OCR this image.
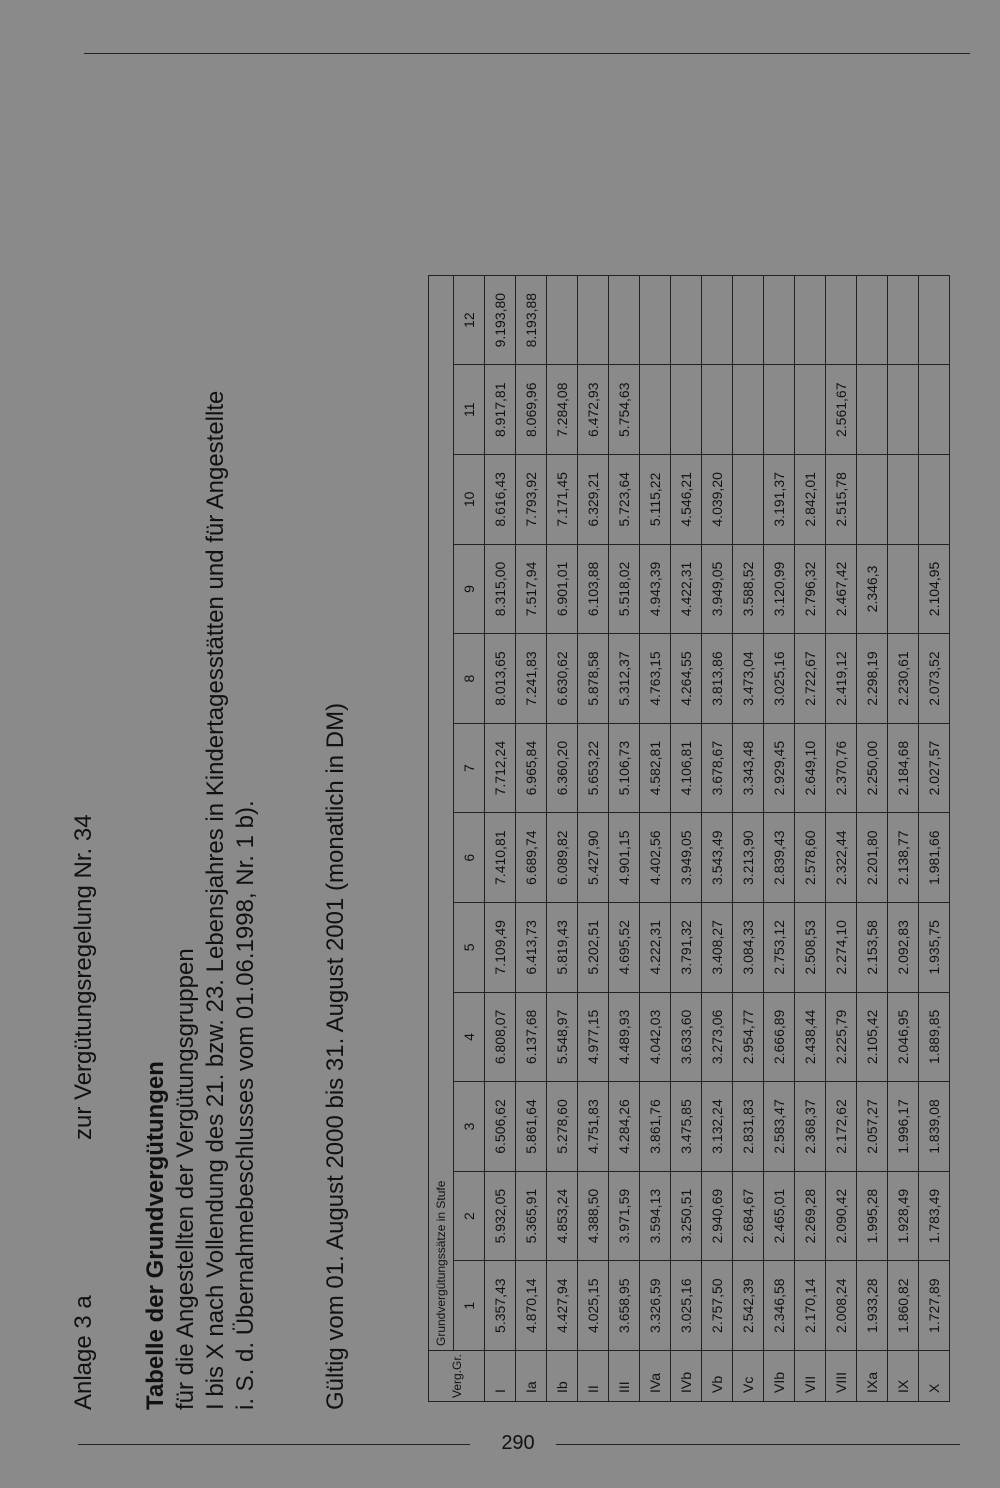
Anlage 3 azur Vergütungsregelung Nr. 34
Tabelle der Grundvergütungen für die Angestellten der Vergütungsgruppen I bis X nach Vollendung des 21. bzw. 23. Lebensjahres in Kindertagesstätten und für Angestellte i. S. d. Übernahmebeschlusses vom 01.06.1998, Nr. 1 b).	Gültig vom 01. August 2000 bis 31. August 2001 (monatlich in DM)	Verg.Gr.	Grundvergütungssätze in Stufe											
	1	2	3	4	5	6	7	8	9	10	11	12
I	5.357,43	5.932,05	6.506,62	6.808,07	7.109,49	7.410,81	7.712,24	8.013,65	8.315,00	8.616,43	8.917,81	9.193,80
Ia	4.870,14	5.365,91	5.861,64	6.137,68	6.413,73	6.689,74	6.965,84	7.241,83	7.517,94	7.793,92	8.069,96	8.193,88
Ib	4.427,94	4.853,24	5.278,60	5.548,97	5.819,43	6.089,82	6.360,20	6.630,62	6.901,01	7.171,45	7.284,08	
II	4.025,15	4.388,50	4.751,83	4.977,15	5.202,51	5.427,90	5.653,22	5.878,58	6.103,88	6.329,21	6.472,93	
III	3.658,95	3.971,59	4.284,26	4.489,93	4.695,52	4.901,15	5.106,73	5.312,37	5.518,02	5.723,64	5.754,63	
IVa	3.326,59	3.594,13	3.861,76	4.042,03	4.222,31	4.402,56	4.582,81	4.763,15	4.943,39	5.115,22		
IVb	3.025,16	3.250,51	3.475,85	3.633,60	3.791,32	3.949,05	4.106,81	4.264,55	4.422,31	4.546,21		
Vb	2.757,50	2.940,69	3.132,24	3.273,06	3.408,27	3.543,49	3.678,67	3.813,86	3.949,05	4.039,20		
Vc	2.542,39	2.684,67	2.831,83	2.954,77	3.084,33	3.213,90	3.343,48	3.473,04	3.588,52			
VIb	2.346,58	2.465,01	2.583,47	2.666,89	2.753,12	2.839,43	2.929,45	3.025,16	3.120,99	3.191,37		
VII	2.170,14	2.269,28	2.368,37	2.438,44	2.508,53	2.578,60	2.649,10	2.722,67	2.796,32	2.842,01		
VIII	2.008,24	2.090,42	2.172,62	2.225,79	2.274,10	2.322,44	2.370,76	2.419,12	2.467,42	2.515,78	2.561,67	
IXa	1.933,28	1.995,28	2.057,27	2.105,42	2.153,58	2.201,80	2.250,00	2.298,19	2.346,3			
IX	1.860,82	1.928,49	1.996,17	2.046,95	2.092,83	2.138,77	2.184,68	2.230,61				
X	1.727,89	1.783,49	1.839,08	1.889,85	1.935,75	1.981,66	2.027,57	2.073,52	2.104,95			
290
